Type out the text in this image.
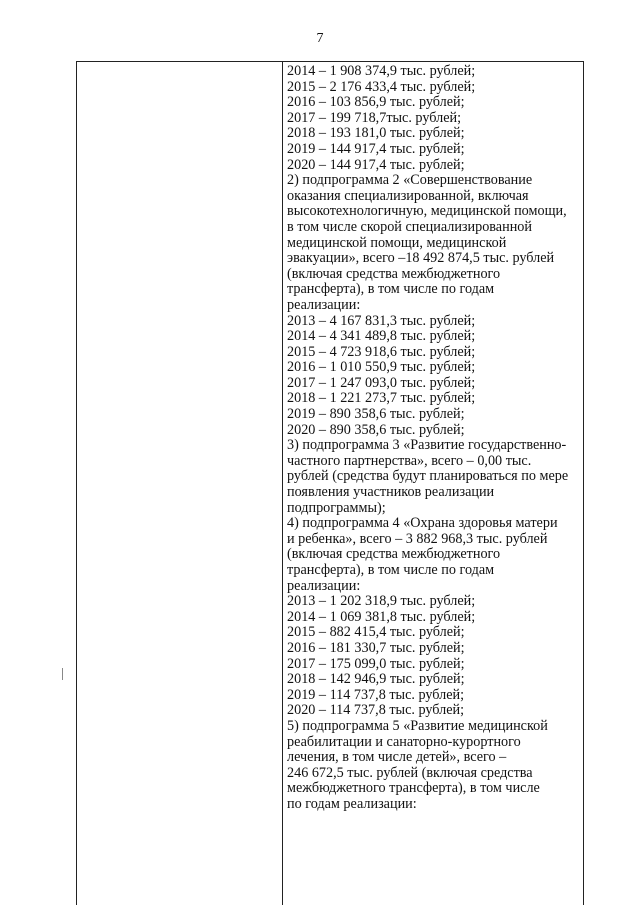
7
2014 – 1 908 374,9 тыс. рублей;
2015 – 2 176 433,4 тыс. рублей;
2016 – 103 856,9 тыс. рублей;
2017 – 199 718,7тыс. рублей;
2018 – 193 181,0 тыс. рублей;
2019 – 144 917,4 тыс. рублей;
2020 – 144 917,4 тыс. рублей;
2) подпрограмма 2 «Совершенствование
оказания специализированной, включая
высокотехнологичную, медицинской помощи,
в том числе скорой специализированной
медицинской помощи, медицинской
эвакуации», всего –18 492 874,5 тыс. рублей
(включая средства межбюджетного
трансферта), в том числе по годам
реализации:
2013 – 4 167 831,3 тыс. рублей;
2014 – 4 341 489,8 тыс. рублей;
2015 – 4 723 918,6 тыс. рублей;
2016 – 1 010 550,9 тыс. рублей;
2017 – 1 247 093,0 тыс. рублей;
2018 – 1 221 273,7 тыс. рублей;
2019 – 890 358,6 тыс. рублей;
2020 – 890 358,6 тыс. рублей;
3) подпрограмма 3 «Развитие государственно-
частного партнерства», всего – 0,00 тыс.
рублей (средства будут планироваться по мере
появления участников реализации
подпрограммы);
4) подпрограмма 4 «Охрана здоровья матери
и ребенка», всего – 3 882 968,3 тыс. рублей
(включая средства межбюджетного
трансферта), в том числе по годам
реализации:
2013 – 1 202 318,9 тыс. рублей;
2014 – 1 069 381,8 тыс. рублей;
2015 – 882 415,4 тыс. рублей;
2016 – 181 330,7 тыс. рублей;
2017 – 175 099,0 тыс. рублей;
2018 – 142 946,9 тыс. рублей;
2019 – 114 737,8 тыс. рублей;
2020 – 114 737,8 тыс. рублей;
5) подпрограмма 5 «Развитие медицинской
реабилитации и санаторно-курортного
лечения, в том числе детей», всего –
246 672,5 тыс. рублей (включая средства
межбюджетного трансферта), в том числе
по годам реализации:
